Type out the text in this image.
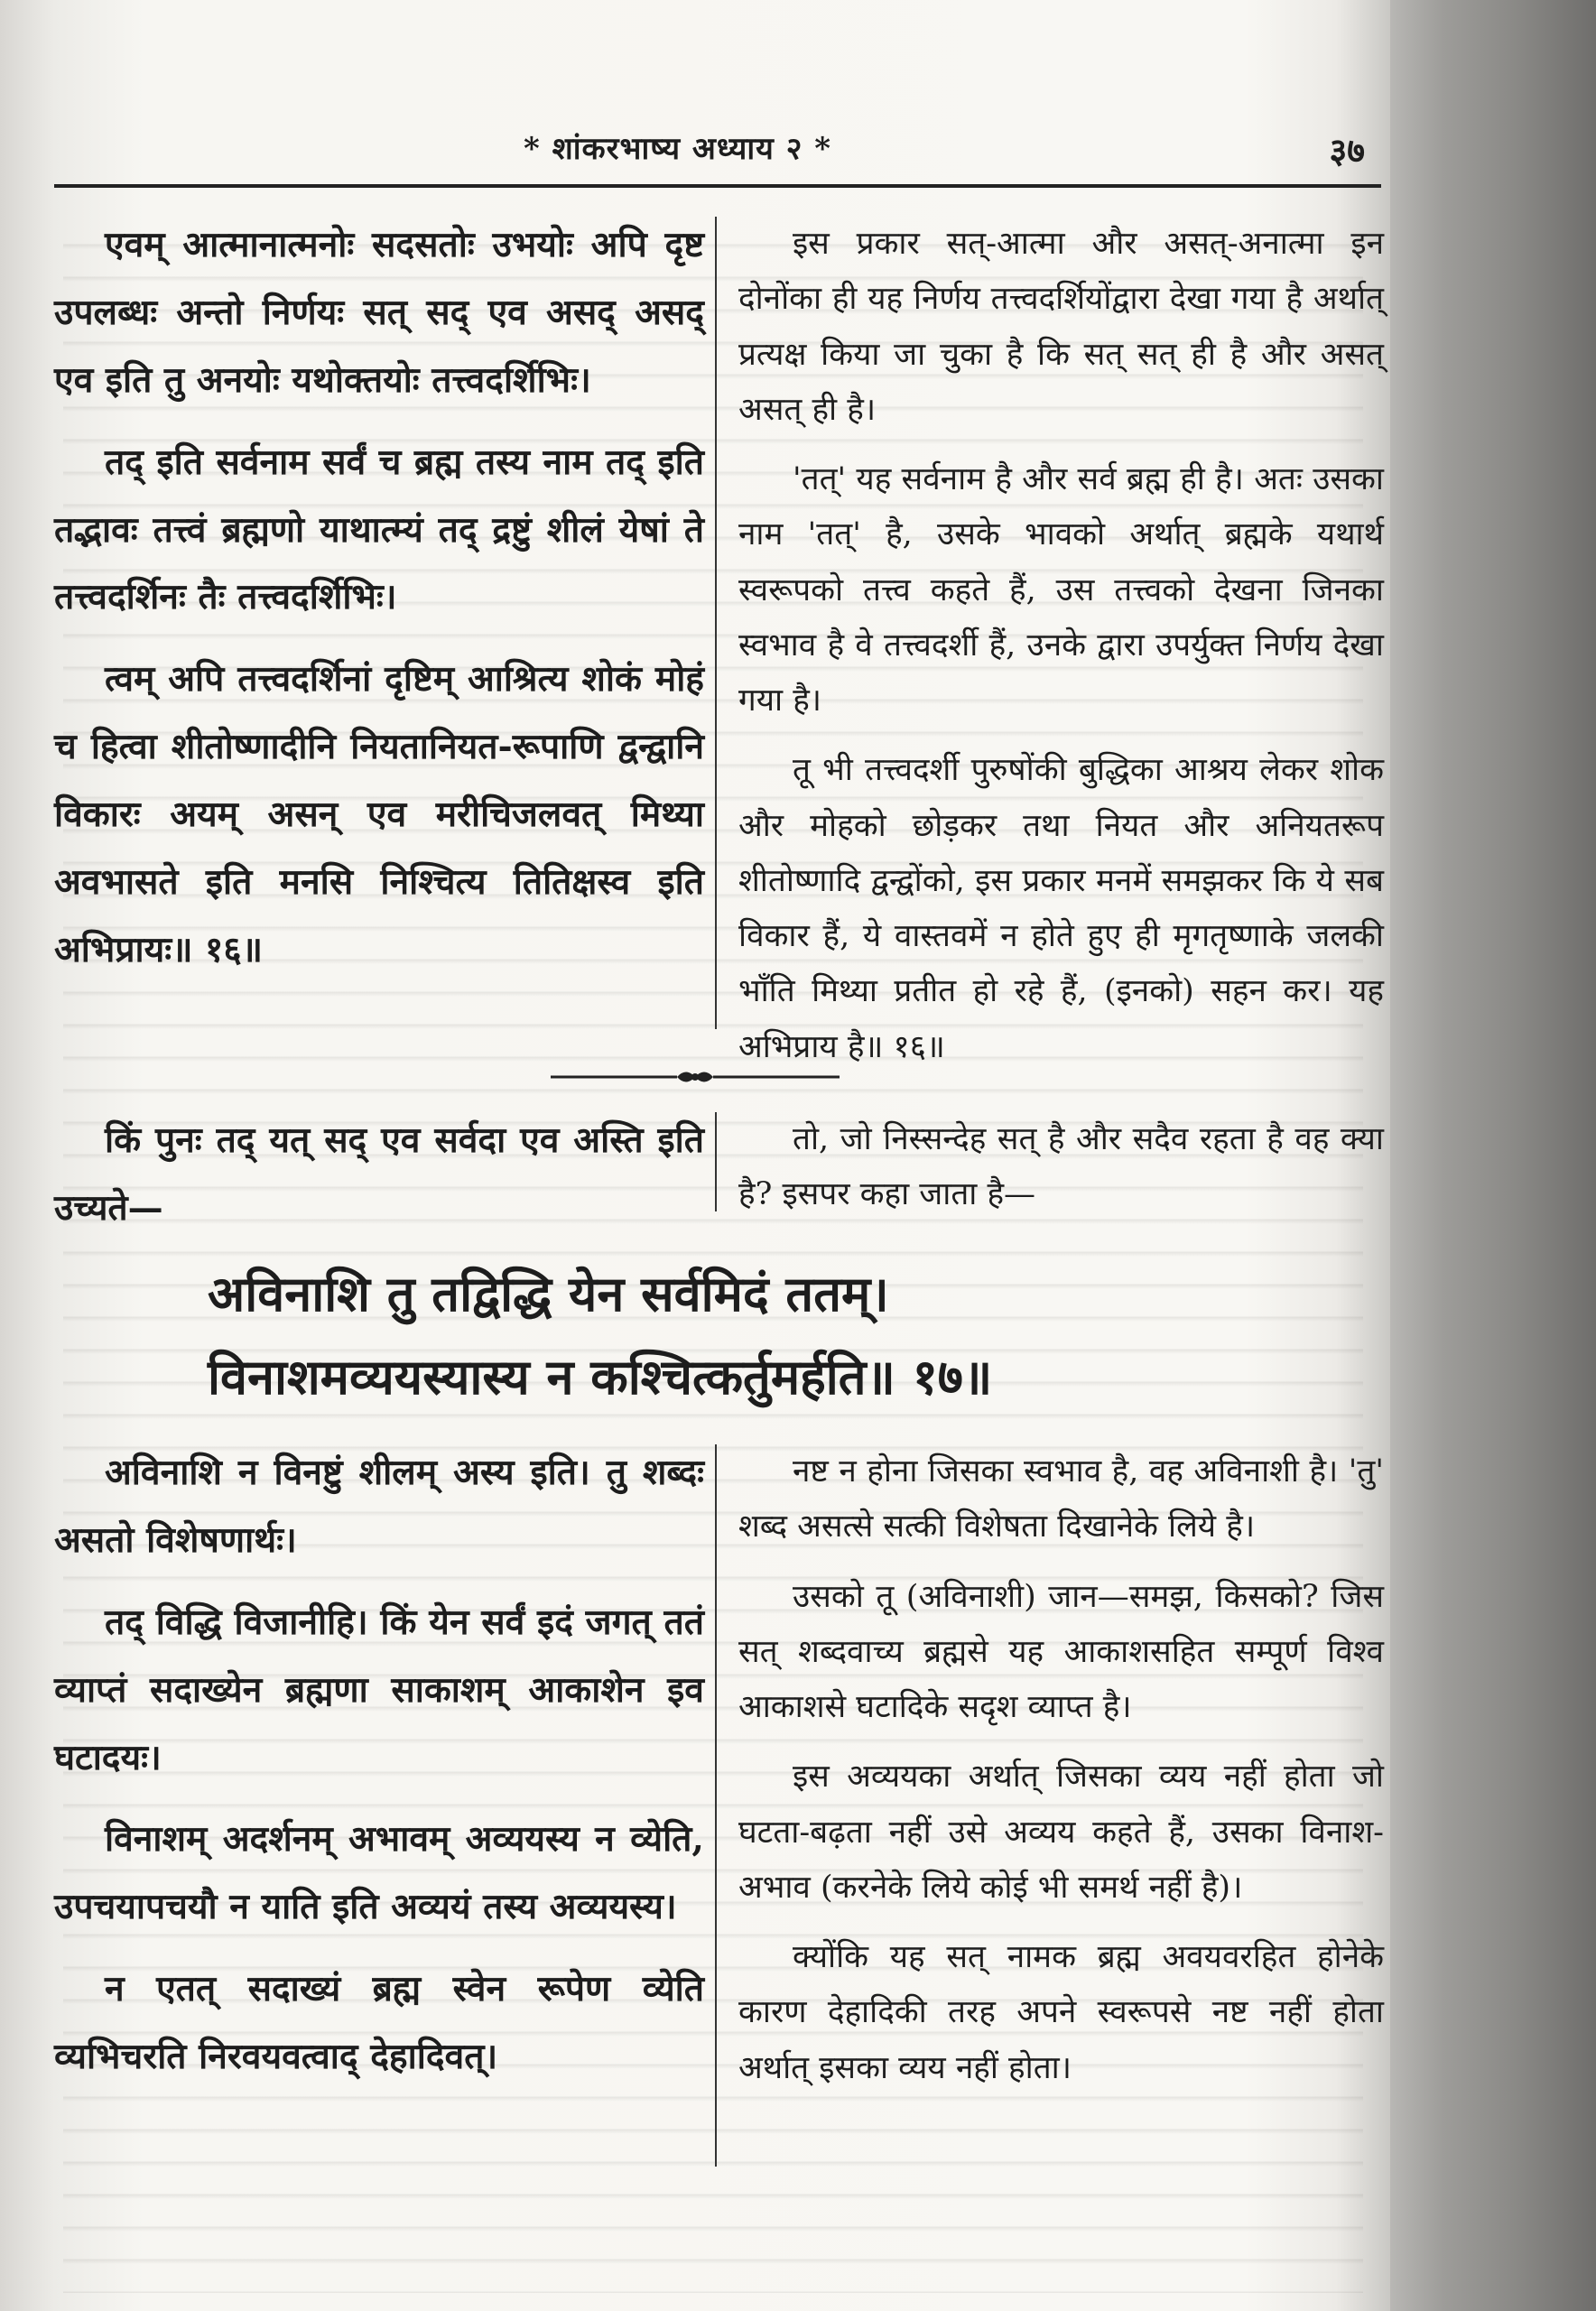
* शांकरभाष्य अध्याय २ *	३७

एवम् आत्मानात्मनोः सदसतोः उभयोः अपि दृष्ट उपलब्धः अन्तो निर्णयः सत् सद् एव असद् असद् एव इति तु अनयोः यथोक्तयोः तत्त्वदर्शिभिः।

तद् इति सर्वनाम सर्वं च ब्रह्म तस्य नाम तद् इति तद्भावः तत्त्वं ब्रह्मणो याथात्म्यं तद् द्रष्टुं शीलं येषां ते तत्त्वदर्शिनः तैः तत्त्वदर्शिभिः।

त्वम् अपि तत्त्वदर्शिनां दृष्टिम् आश्रित्य शोकं मोहं च हित्वा शीतोष्णादीनि नियतानियत-रूपाणि द्वन्द्वानि विकारः अयम् असन् एव मरीचिजलवत् मिथ्या अवभासते इति मनसि निश्चित्य तितिक्षस्व इति अभिप्रायः॥ १६॥

इस प्रकार सत्-आत्मा और असत्-अनात्मा इन दोनोंका ही यह निर्णय तत्त्वदर्शियोंद्वारा देखा गया है अर्थात् प्रत्यक्ष किया जा चुका है कि सत् सत् ही है और असत् असत् ही है।

'तत्' यह सर्वनाम है और सर्व ब्रह्म ही है। अतः उसका नाम 'तत्' है, उसके भावको अर्थात् ब्रह्मके यथार्थ स्वरूपको तत्त्व कहते हैं, उस तत्त्वको देखना जिनका स्वभाव है वे तत्त्वदर्शी हैं, उनके द्वारा उपर्युक्त निर्णय देखा गया है।

तू भी तत्त्वदर्शी पुरुषोंकी बुद्धिका आश्रय लेकर शोक और मोहको छोड़कर तथा नियत और अनियतरूप शीतोष्णादि द्वन्द्वोंको, इस प्रकार मनमें समझकर कि ये सब विकार हैं, ये वास्तवमें न होते हुए ही मृगतृष्णाके जलकी भाँति मिथ्या प्रतीत हो रहे हैं, (इनको) सहन कर। यह अभिप्राय है॥ १६॥

किं पुनः तद् यत् सद् एव सर्वदा एव अस्ति इति उच्यते—

तो, जो निस्सन्देह सत् है और सदैव रहता है वह क्या है? इसपर कहा जाता है—

अविनाशि तु तद्विद्धि येन सर्वमिदं ततम्।
विनाशमव्ययस्यास्य न कश्चित्कर्तुमर्हति॥ १७॥

अविनाशि न विनष्टुं शीलम् अस्य इति। तु शब्दः असतो विशेषणार्थः।

तद् विद्धि विजानीहि। किं येन सर्वं इदं जगत् ततं व्याप्तं सदाख्येन ब्रह्मणा साकाशम् आकाशेन इव घटादयः।

विनाशम् अदर्शनम् अभावम् अव्ययस्य न व्येति, उपचयापचयौ न याति इति अव्ययं तस्य अव्ययस्य।

न एतत् सदाख्यं ब्रह्म स्वेन रूपेण व्येति व्यभिचरति निरवयवत्वाद् देहादिवत्।

नष्ट न होना जिसका स्वभाव है, वह अविनाशी है। 'तु' शब्द असत्से सत्की विशेषता दिखानेके लिये है।

उसको तू (अविनाशी) जान—समझ, किसको? जिस सत् शब्दवाच्य ब्रह्मसे यह आकाशसहित सम्पूर्ण विश्व आकाशसे घटादिके सदृश व्याप्त है।

इस अव्ययका अर्थात् जिसका व्यय नहीं होता जो घटता-बढ़ता नहीं उसे अव्यय कहते हैं, उसका विनाश-अभाव (करनेके लिये कोई भी समर्थ नहीं है)।

क्योंकि यह सत् नामक ब्रह्म अवयवरहित होनेके कारण देहादिकी तरह अपने स्वरूपसे नष्ट नहीं होता अर्थात् इसका व्यय नहीं होता।
